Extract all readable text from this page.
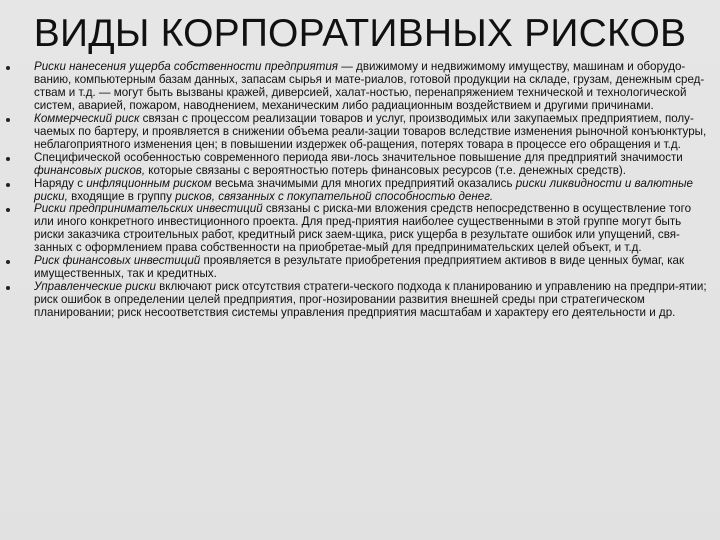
ВИДЫ КОРПОРАТИВНЫХ РИСКОВ
Риски нанесения ущерба собственности предприятия — движимому и недвижимому имуществу, машинам и оборудо-ванию, компьютерным базам данных, запасам сырья и мате-риалов, готовой продукции на складе, грузам, денежным сред-ствам и т.д. — могут быть вызваны кражей, диверсией, халат-ностью, перенапряжением технической и технологической систем, аварией, пожаром, наводнением, механическим либо радиационным воздействием и другими причинами.
Коммерческий риск связан с процессом реализации товаров и услуг, производимых или закупаемых предприятием, полу-чаемых по бартеру, и проявляется в снижении объема реали-зации товаров вследствие изменения рыночной конъюнктуры, неблагоприятного изменения цен; в повышении издержек об-ращения, потерях товара в процессе его обращения и т.д.
Специфической особенностью современного периода яви-лось значительное повышение для предприятий значимости финансовых рисков, которые связаны с вероятностью потерь финансовых ресурсов (т.е. денежных средств).
Наряду с инфляционным риском весьма значимыми для многих предприятий оказались риски ликвидности и валютные риски, входящие в группу рисков, связанных с покупательной способностью денег.
Риски предпринимательских инвестиций связаны с риска-ми вложения средств непосредственно в осуществление того или иного конкретного инвестиционного проекта. Для пред-приятия наиболее существенными в этой группе могут быть риски заказчика строительных работ, кредитный риск заем-щика, риск ущерба в результате ошибок или упущений, свя-занных с оформлением права собственности на приобретае-мый для предпринимательских целей объект, и т.д.
Риск финансовых инвестиций проявляется в результате приобретения предприятием активов в виде ценных бумаг, как имущественных, так и кредитных.
Управленческие риски включают риск отсутствия стратеги-ческого подхода к планированию и управлению на предпри-ятии; риск ошибок в определении целей предприятия, прог-нозировании развития внешней среды при стратегическом планировании; риск несоответствия системы управления предприятия масштабам и характеру его деятельности и др.
